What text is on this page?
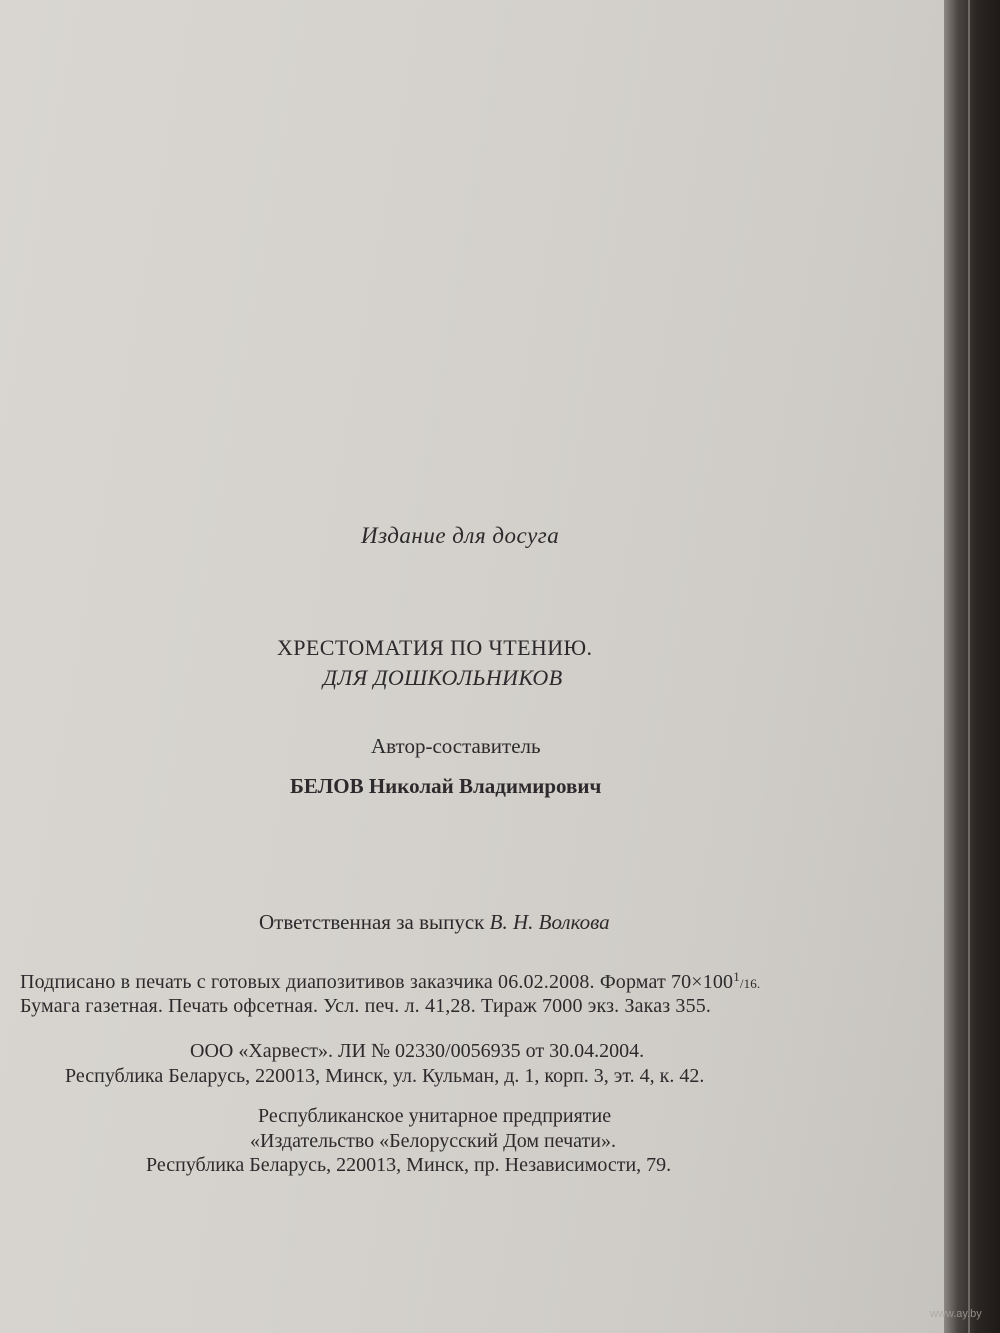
Издание для досуга
ХРЕСТОМАТИЯ ПО ЧТЕНИЮ.
ДЛЯ ДОШКОЛЬНИКОВ
Автор-составитель
БЕЛОВ Николай Владимирович
Ответственная за выпуск В. Н. Волкова
Подписано в печать с готовых диапозитивов заказчика 06.02.2008. Формат $70\times 100^1/16$.
Бумага газетная. Печать офсетная. Усл. печ. л. 41,28. Тираж 7000 экз. Заказ 355.
ООО «Харвест». ЛИ № 02330/0056935 от 30.04.2004.
Республика Беларусь, 220013, Минск, ул. Кульман, д. 1, корп. 3, эт. 4, к. 42.
Республиканское унитарное предприятие
«Издательство «Белорусский Дом печати».
Республика Беларусь, 220013, Минск, пр. Независимости, 79.
www.ay.by
